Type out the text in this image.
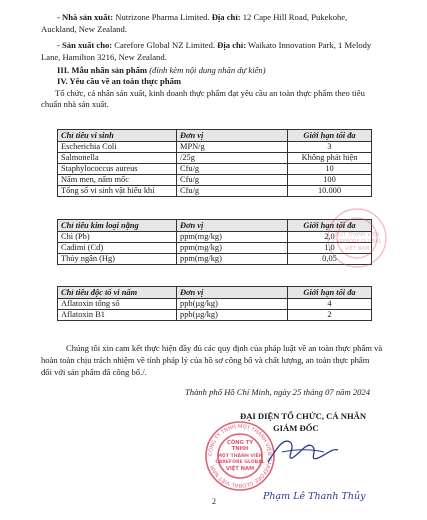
- Nhà sản xuất: Nutrizone Pharma Limited. Địa chỉ: 12 Cape Hill Road, Pukekohe,
Auckland, New Zealand.
- Sản xuất cho: Carefore Global NZ Limited. Địa chỉ: Waikato Innovation Park, 1 Melody
Lane, Hamilton 3216, New Zealand.
III. Mẫu nhãn sản phẩm (đính kèm nội dung nhãn dự kiến)
IV. Yêu cầu về an toàn thực phẩm
Tổ chức, cá nhân sản xuất, kinh doanh thực phẩm đạt yêu cầu an toàn thực phẩm theo tiêu
chuẩn nhà sản xuất.
Chỉ tiêu vi sinh	Đơn vị	Giới hạn tối đa
Escherichia Coli	MPN/g	3
Salmonella	/25g	Không phát hiện
Staphylococcus aureus	Cfu/g	10
Nấm men, nấm mốc	Cfu/g	100
Tổng số vi sinh vật hiếu khí	Cfu/g	10.000
Chỉ tiêu kim loại nặng	Đơn vị	Giới hạn tối đa
Chì (Pb)	ppm(mg/kg)	2,0
Cadimi (Cd)	ppm(mg/kg)	1,0
Thủy ngân (Hg)	ppm(mg/kg)	0,05
Chỉ tiêu độc tố vi nấm	Đơn vị	Giới hạn tối đa
Aflatoxin tổng số	ppb(µg/kg)	4
Aflatoxin B1	ppb(µg/kg)	2
MỘT THÀNH VIÊN
CAREFORE GLOBAL
VIỆT NAM
Chúng tôi xin cam kết thực hiện đầy đủ các quy định của pháp luật về an toàn thực phẩm và
hoàn toàn chịu trách nhiệm về tính pháp lý của hồ sơ công bố và chất lượng, an toàn thực phẩm
đối với sản phẩm đã công bố./.
Thành phố Hồ Chí Minh, ngày 25 tháng 07 năm 2024
ĐẠI DIỆN TỔ CHỨC, CÁ NHÂN
GIÁM ĐỐC
CÔNG TY TNHH MỘT THÀNH VIÊN CAREFORE GLOBAL VIỆT NAM
CÔNG TY
TNHH
MỘT THÀNH VIÊN
CAREFORE GLOBAL
VIỆT NAM
Phạm Lê Thanh Thủy
2
